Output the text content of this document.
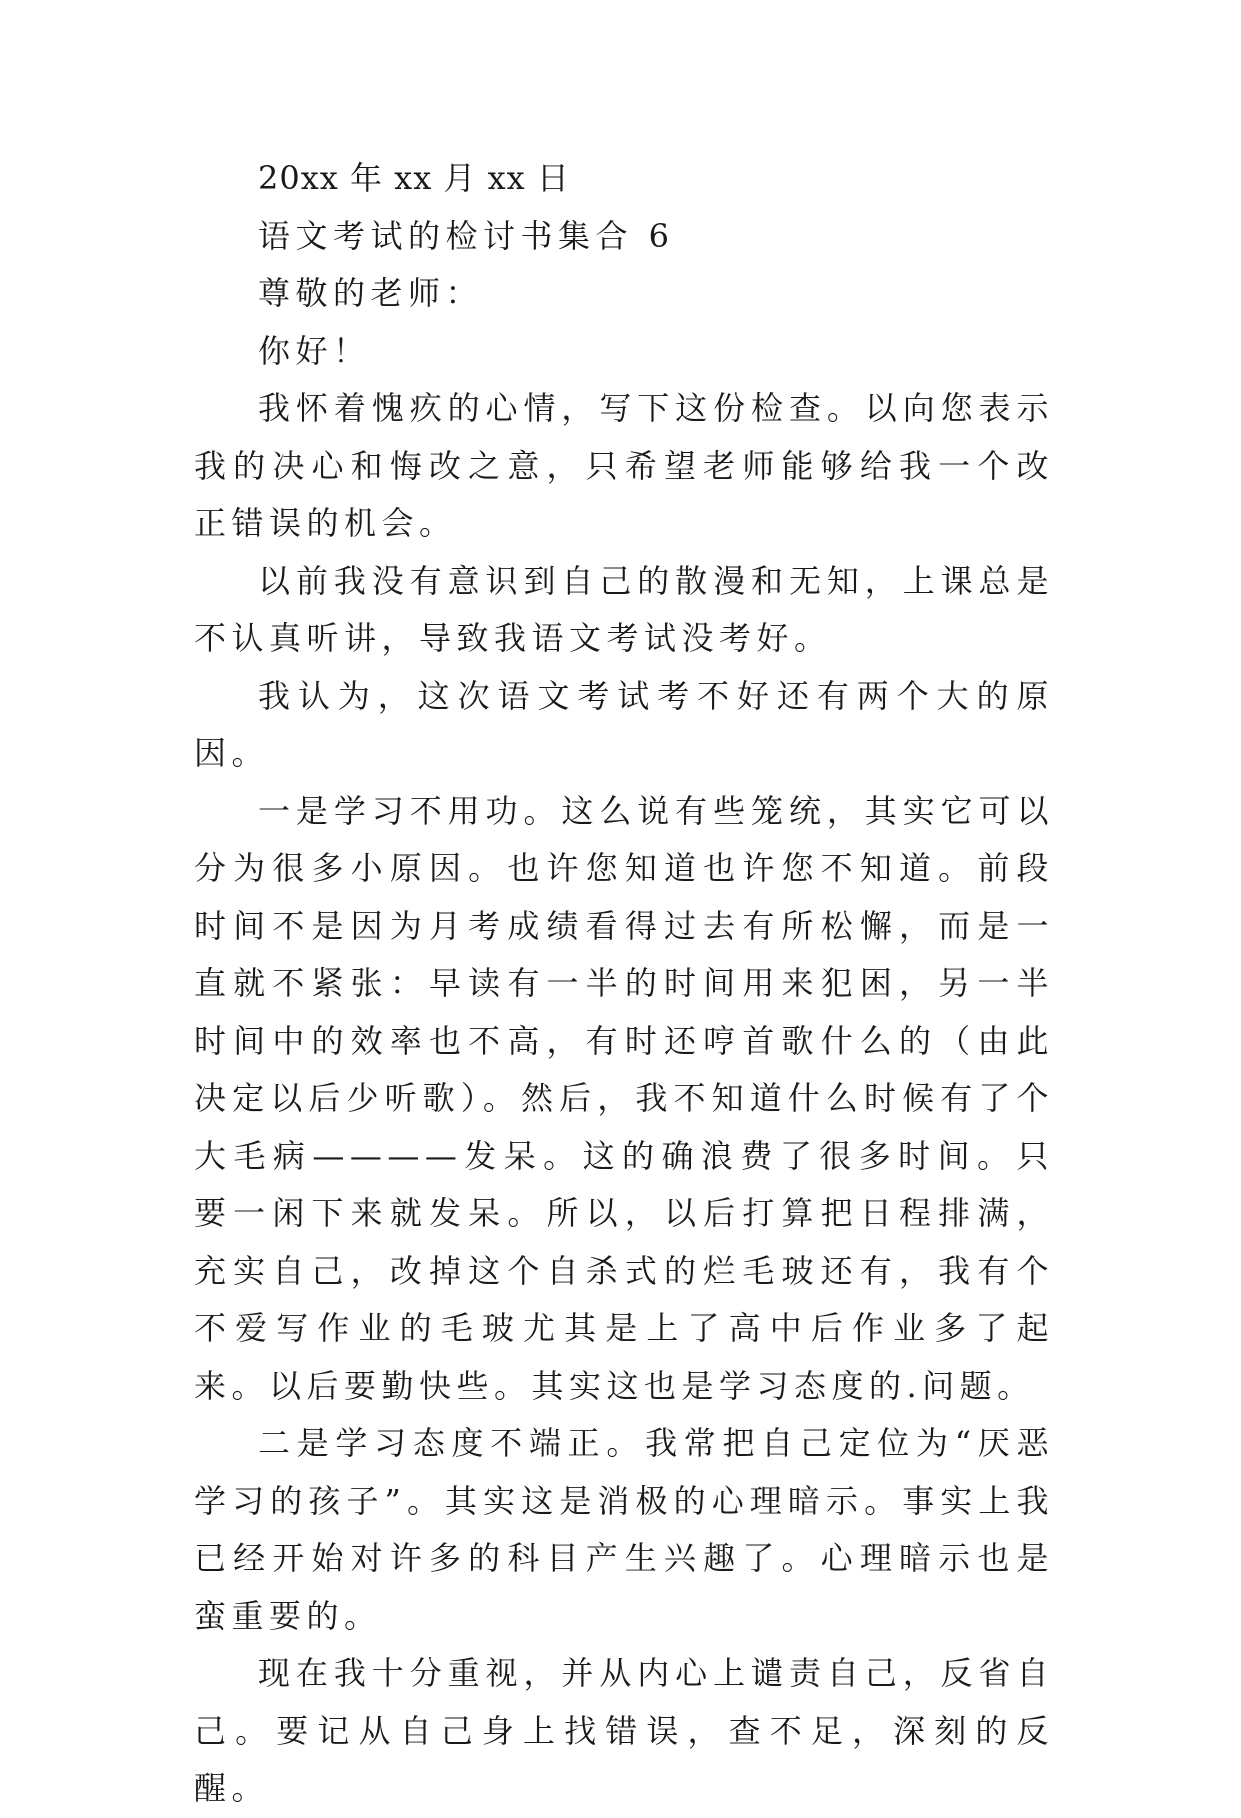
20xx 年 xx 月 xx 日

语文考试的检讨书集合 6

尊敬的老师：

你好！

我怀着愧疚的心情，写下这份检查。以向您表示我的决心和悔改之意，只希望老师能够给我一个改正错误的机会。

以前我没有意识到自己的散漫和无知，上课总是不认真听讲，导致我语文考试没考好。

我认为，这次语文考试考不好还有两个大的原因。

一是学习不用功。这么说有些笼统，其实它可以分为很多小原因。也许您知道也许您不知道。前段时间不是因为月考成绩看得过去有所松懈，而是一直就不紧张：早读有一半的时间用来犯困，另一半时间中的效率也不高，有时还哼首歌什么的（由此决定以后少听歌）。然后，我不知道什么时候有了个大毛病————发呆。这的确浪费了很多时间。只要一闲下来就发呆。所以，以后打算把日程排满，充实自己，改掉这个自杀式的烂毛玻还有，我有个不爱写作业的毛玻尤其是上了高中后作业多了起来。以后要勤快些。其实这也是学习态度的.问题。

二是学习态度不端正。我常把自己定位为“厌恶学习的孩子”。其实这是消极的心理暗示。事实上我已经开始对许多的科目产生兴趣了。心理暗示也是蛮重要的。

现在我十分重视，并从内心上谴责自己，反省自己。要记从自己身上找错误，查不足，深刻的反醒。
